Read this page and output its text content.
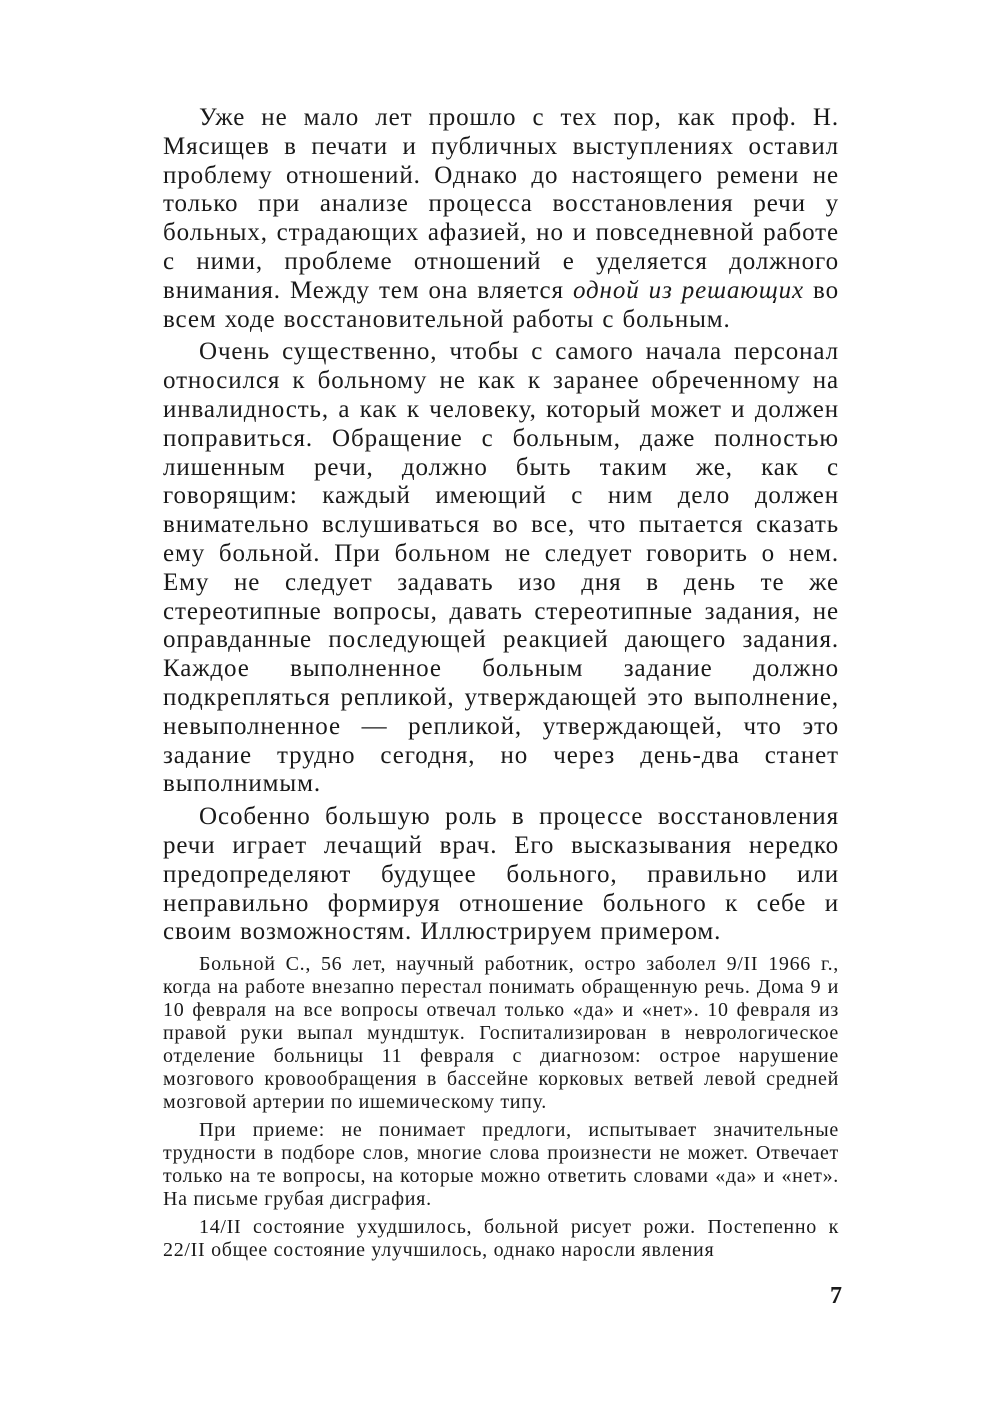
Уже не мало лет прошло с тех пор, как проф. Н. Мясищев в печати и публичных выступлениях оставил проблему отношений. Однако до настоящего ремени не только при анализе процесса восстановления речи у больных, страдающих афазией, но и повседневной работе с ними, проблеме отношений е уделяется должного внимания. Между тем она вляется одной из решающих во всем ходе восстановительной работы с больным.

Очень существенно, чтобы с самого начала персонал относился к больному не как к заранее обреченному на инвалидность, а как к человеку, который может и должен поправиться. Обращение с больным, даже полностью лишенным речи, должно быть таким же, как с говорящим: каждый имеющий с ним дело должен внимательно вслушиваться во все, что пытается сказать ему больной. При больном не следует говорить о нем. Ему не следует задавать изо дня в день те же стереотипные вопросы, давать стереотипные задания, не оправданные последующей реакцией дающего задания. Каждое выполненное больным задание должно подкрепляться репликой, утверждающей это выполнение, невыполненное — репликой, утверждающей, что это задание трудно сегодня, но через день-два станет выполнимым.

Особенно большую роль в процессе восстановления речи играет лечащий врач. Его высказывания нередко предопределяют будущее больного, правильно или неправильно формируя отношение больного к себе и своим возможностям. Иллюстрируем примером.

Больной С., 56 лет, научный работник, остро заболел 9/II 1966 г., когда на работе внезапно перестал понимать обращенную речь. Дома 9 и 10 февраля на все вопросы отвечал только «да» и «нет». 10 февраля из правой руки выпал мундштук. Госпитализирован в неврологическое отделение больницы 11 февраля с диагнозом: острое нарушение мозгового кровообращения в бассейне корковых ветвей левой средней мозговой артерии по ишемическому типу.

При приеме: не понимает предлоги, испытывает значительные трудности в подборе слов, многие слова произнести не может. Отвечает только на те вопросы, на которые можно ответить словами «да» и «нет». На письме грубая дисграфия.

14/II состояние ухудшилось, больной рисует рожи. Постепенно к 22/II общее состояние улучшилось, однако наросли явления

7
